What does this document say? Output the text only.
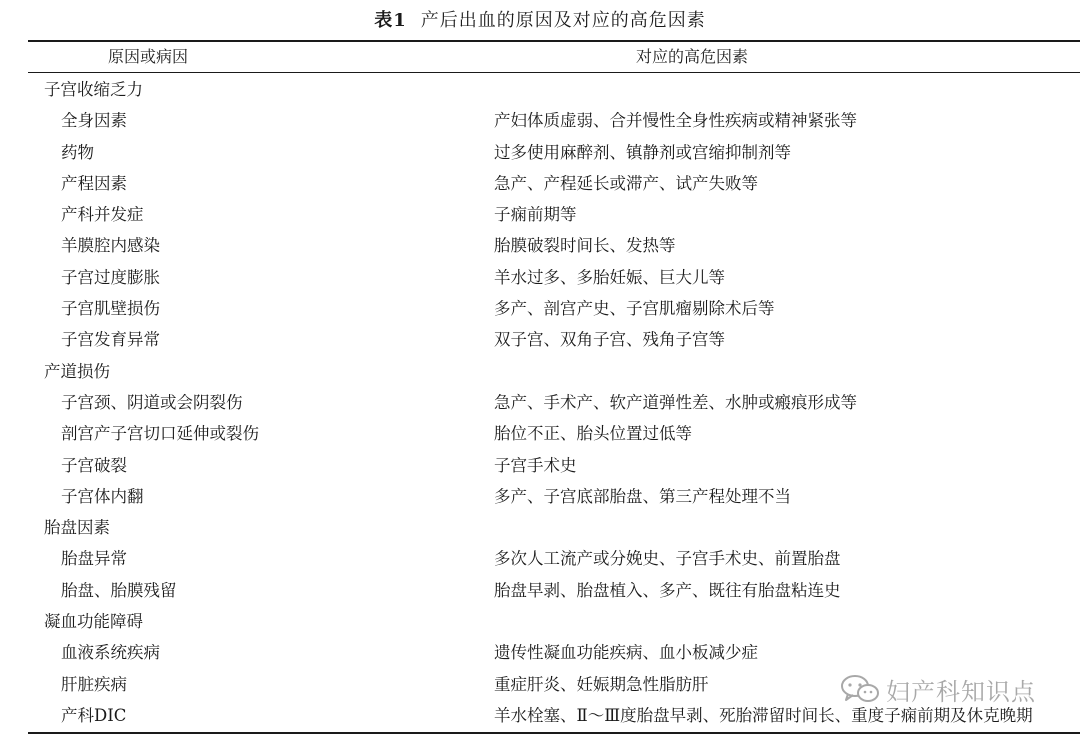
表1 产后出血的原因及对应的高危因素
原因或病因	对应的高危因素
子宫收缩乏力
全身因素	产妇体质虚弱、合并慢性全身性疾病或精神紧张等
药物	过多使用麻醉剂、镇静剂或宫缩抑制剂等
产程因素	急产、产程延长或滞产、试产失败等
产科并发症	子痫前期等
羊膜腔内感染	胎膜破裂时间长、发热等
子宫过度膨胀	羊水过多、多胎妊娠、巨大儿等
子宫肌壁损伤	多产、剖宫产史、子宫肌瘤剔除术后等
子宫发育异常	双子宫、双角子宫、残角子宫等
产道损伤
子宫颈、阴道或会阴裂伤	急产、手术产、软产道弹性差、水肿或瘢痕形成等
剖宫产子宫切口延伸或裂伤	胎位不正、胎头位置过低等
子宫破裂	子宫手术史
子宫体内翻	多产、子宫底部胎盘、第三产程处理不当
胎盘因素
胎盘异常	多次人工流产或分娩史、子宫手术史、前置胎盘
胎盘、胎膜残留	胎盘早剥、胎盘植入、多产、既往有胎盘粘连史
凝血功能障碍
血液系统疾病	遗传性凝血功能疾病、血小板减少症
肝脏疾病	重症肝炎、妊娠期急性脂肪肝
产科DIC	羊水栓塞、Ⅱ～Ⅲ度胎盘早剥、死胎滞留时间长、重度子痫前期及休克晚期
妇产科知识点
